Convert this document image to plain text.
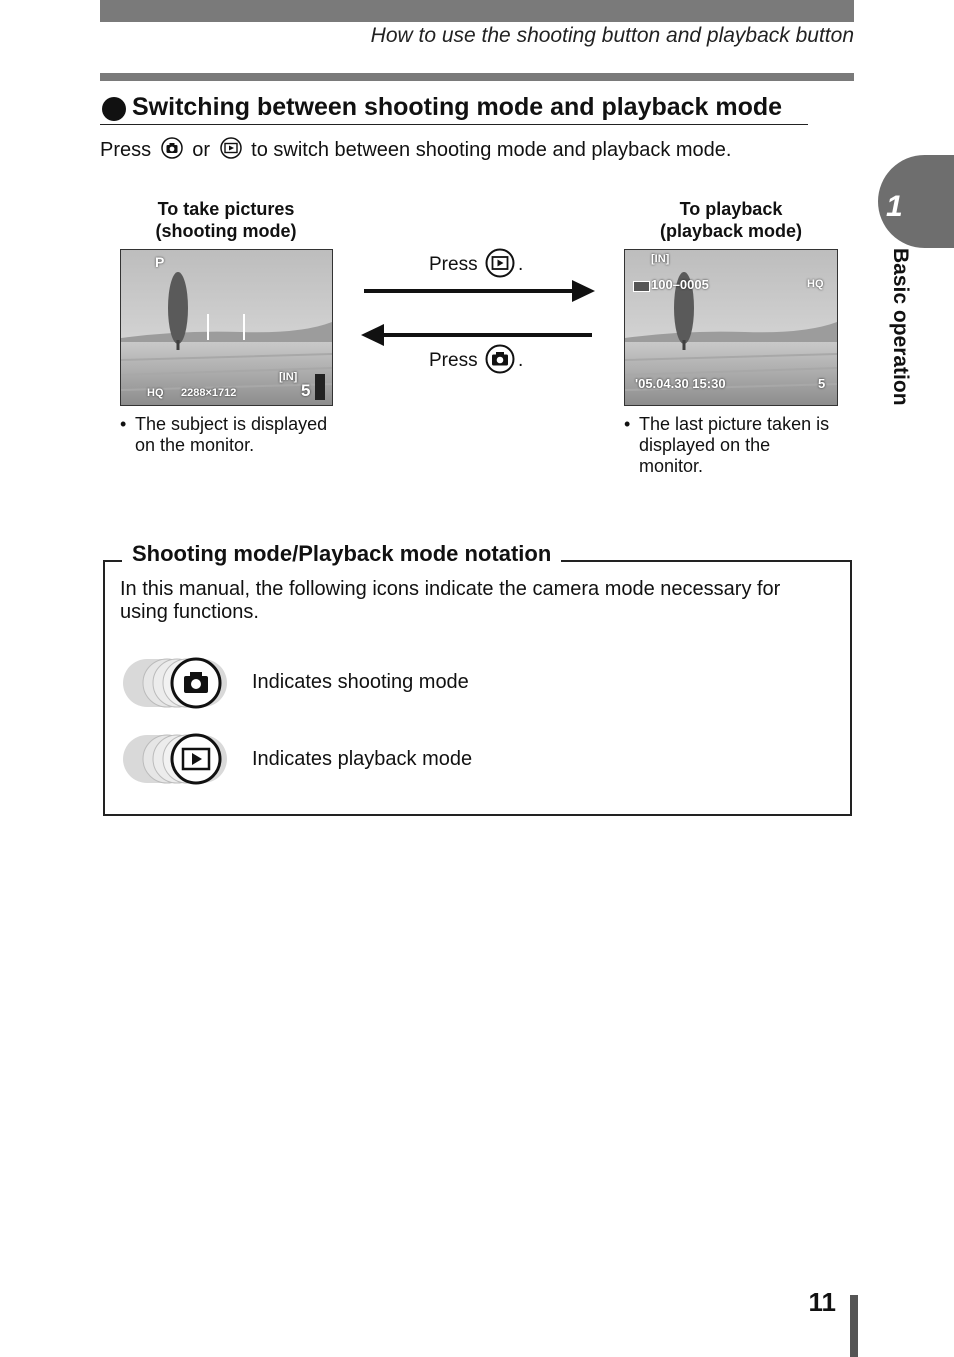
How to use the shooting button and playback button
Switching between shooting mode and playback mode
Press or to switch between shooting mode and playback mode.
To take pictures
(shooting mode)
P
HQ 2288×1712
[IN]
5
• The subject is displayed
on the monitor.
Press .
Press .
To playback
(playback mode)
[IN]
100–0005	HQ
'05.04.30 15:30	5
• The last picture taken is
displayed on the
monitor.
1
Basic operation
Shooting mode/Playback mode notation
In this manual, the following icons indicate the camera mode necessary for using functions.
Indicates shooting mode
Indicates playback mode
11
